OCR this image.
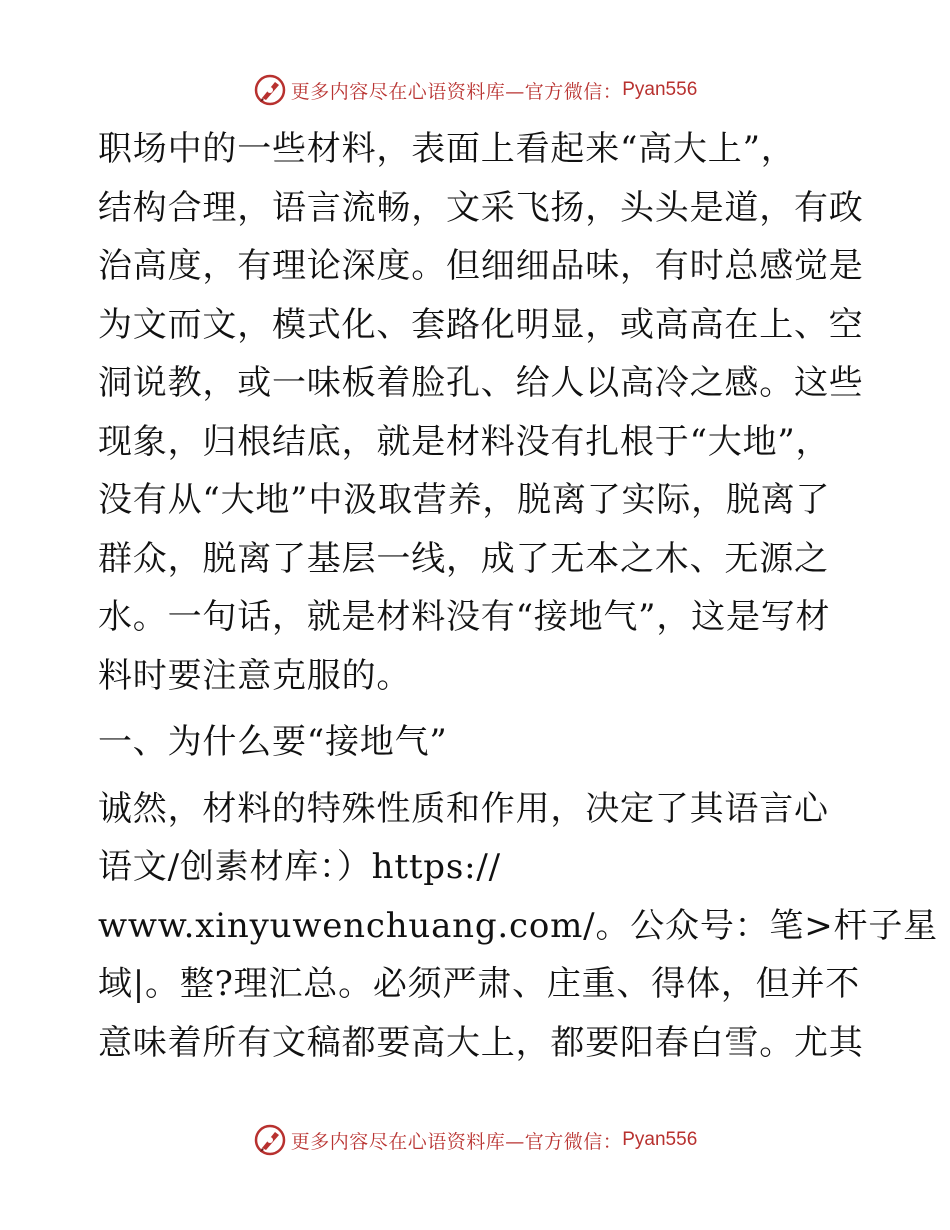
更多内容尽在心语资料库—官方微信： Pyan556
职场中的一些材料，表面上看起来“高大上”，
结构合理，语言流畅，文采飞扬，头头是道，有政
治高度，有理论深度。但细细品味，有时总感觉是
为文而文，模式化、套路化明显，或高高在上、空
洞说教，或一味板着脸孔、给人以高冷之感。这些
现象，归根结底，就是材料没有扎根于“大地”，
没有从“大地”中汲取营养，脱离了实际，脱离了
群众，脱离了基层一线，成了无本之木、无源之
水。一句话，就是材料没有“接地气”，这是写材
料时要注意克服的。
一、为什么要“接地气”
诚然，材料的特殊性质和作用，决定了其语言心
语文/创素材库：）https://
www.xinyuwenchuang.com/。公众号：笔>杆子星
域|。整?理汇总。必须严肃、庄重、得体，但并不
意味着所有文稿都要高大上，都要阳春白雪。尤其
更多内容尽在心语资料库—官方微信： Pyan556
